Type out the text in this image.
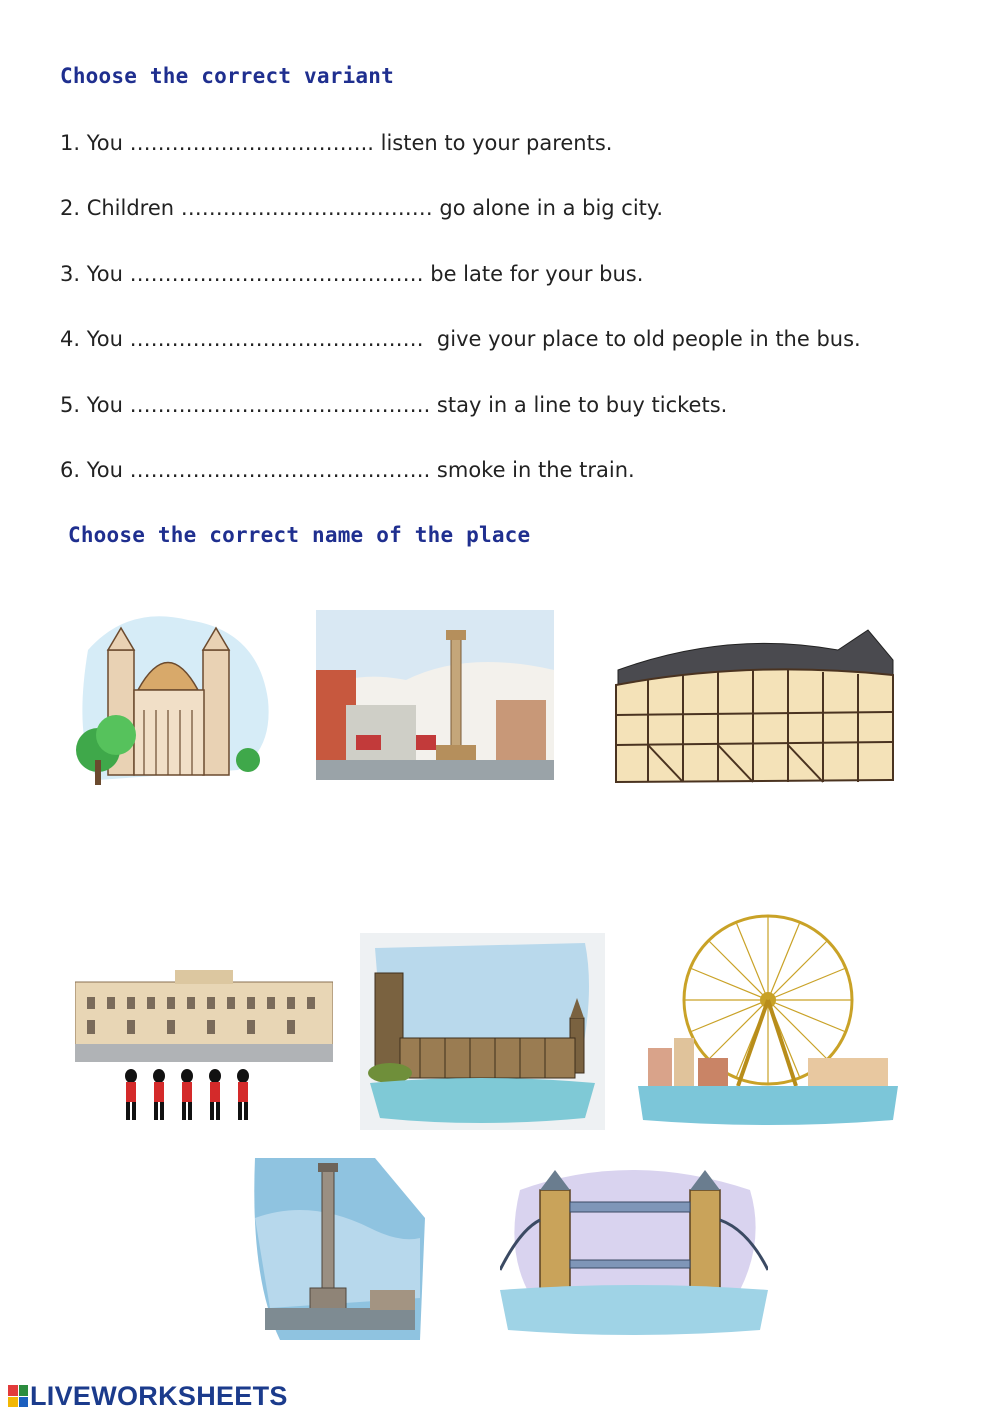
Choose the correct variant
1. You …………………………….. listen to your parents.
2. Children ……………………………… go alone in a big city.
3. You …………………………………… be late for your bus.
4. You ……………………………………  give your place to old people in the bus.
5. You ……………………………………. stay in a line to buy tickets.
6. You ……………………………………. smoke in the train.
Choose the correct name of the place
LIVEWORKSHEETS
